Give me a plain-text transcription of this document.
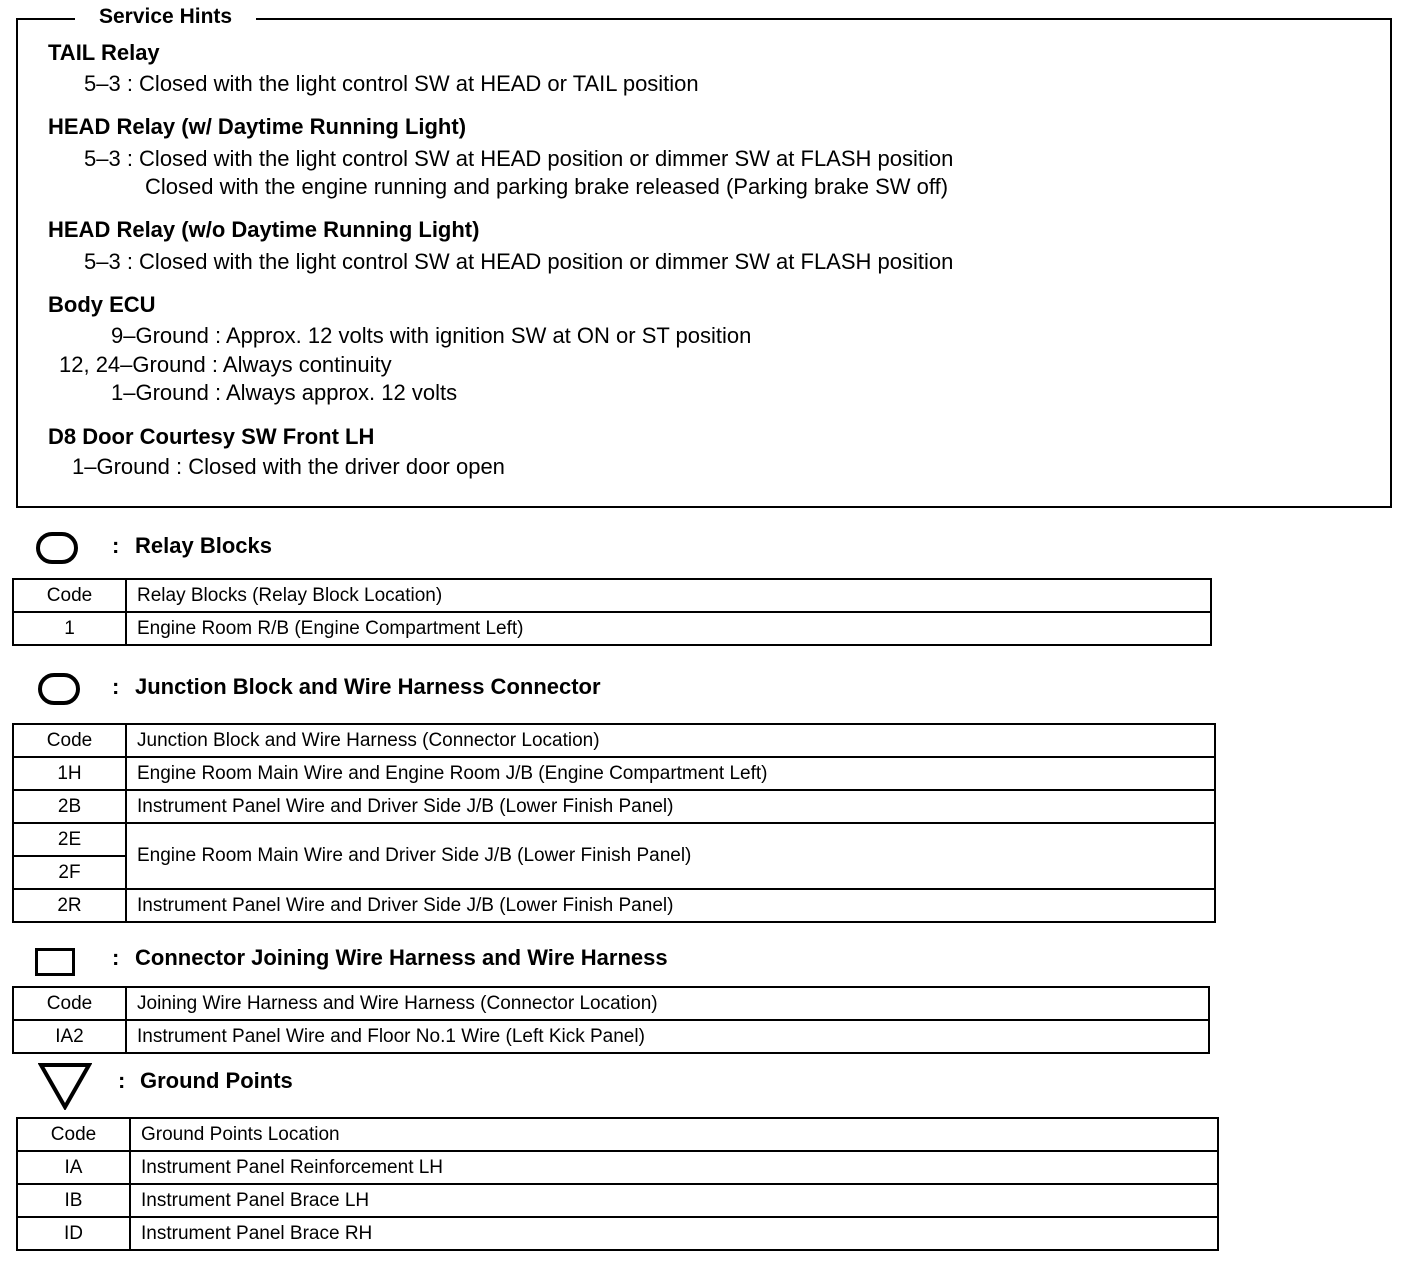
Service Hints
TAIL Relay
5–3 : Closed with the light control SW at HEAD or TAIL position
HEAD Relay (w/ Daytime Running Light)
5–3 : Closed with the light control SW at HEAD position or dimmer SW at FLASH position
Closed with the engine running and parking brake released (Parking brake SW off)
HEAD Relay (w/o Daytime Running Light)
5–3 : Closed with the light control SW at HEAD position or dimmer SW at FLASH position
Body ECU
9–Ground : Approx. 12 volts with ignition SW at ON or ST position
12, 24–Ground : Always continuity
1–Ground : Always approx. 12 volts
D8 Door Courtesy SW Front LH
1–Ground : Closed with the driver door open
: Relay Blocks
Code	Relay Blocks (Relay Block Location)
1	Engine Room R/B (Engine Compartment Left)
: Junction Block and Wire Harness Connector
Code	Junction Block and Wire Harness (Connector Location)
1H	Engine Room Main Wire and Engine Room J/B (Engine Compartment Left)
2B	Instrument Panel Wire and Driver Side J/B (Lower Finish Panel)
2E	Engine Room Main Wire and Driver Side J/B (Lower Finish Panel)
2F	
2R	Instrument Panel Wire and Driver Side J/B (Lower Finish Panel)
: Connector Joining Wire Harness and Wire Harness
Code	Joining Wire Harness and Wire Harness (Connector Location)
IA2	Instrument Panel Wire and Floor No.1 Wire (Left Kick Panel)
: Ground Points
Code	Ground Points Location
IA	Instrument Panel Reinforcement LH
IB	Instrument Panel Brace LH
ID	Instrument Panel Brace RH
